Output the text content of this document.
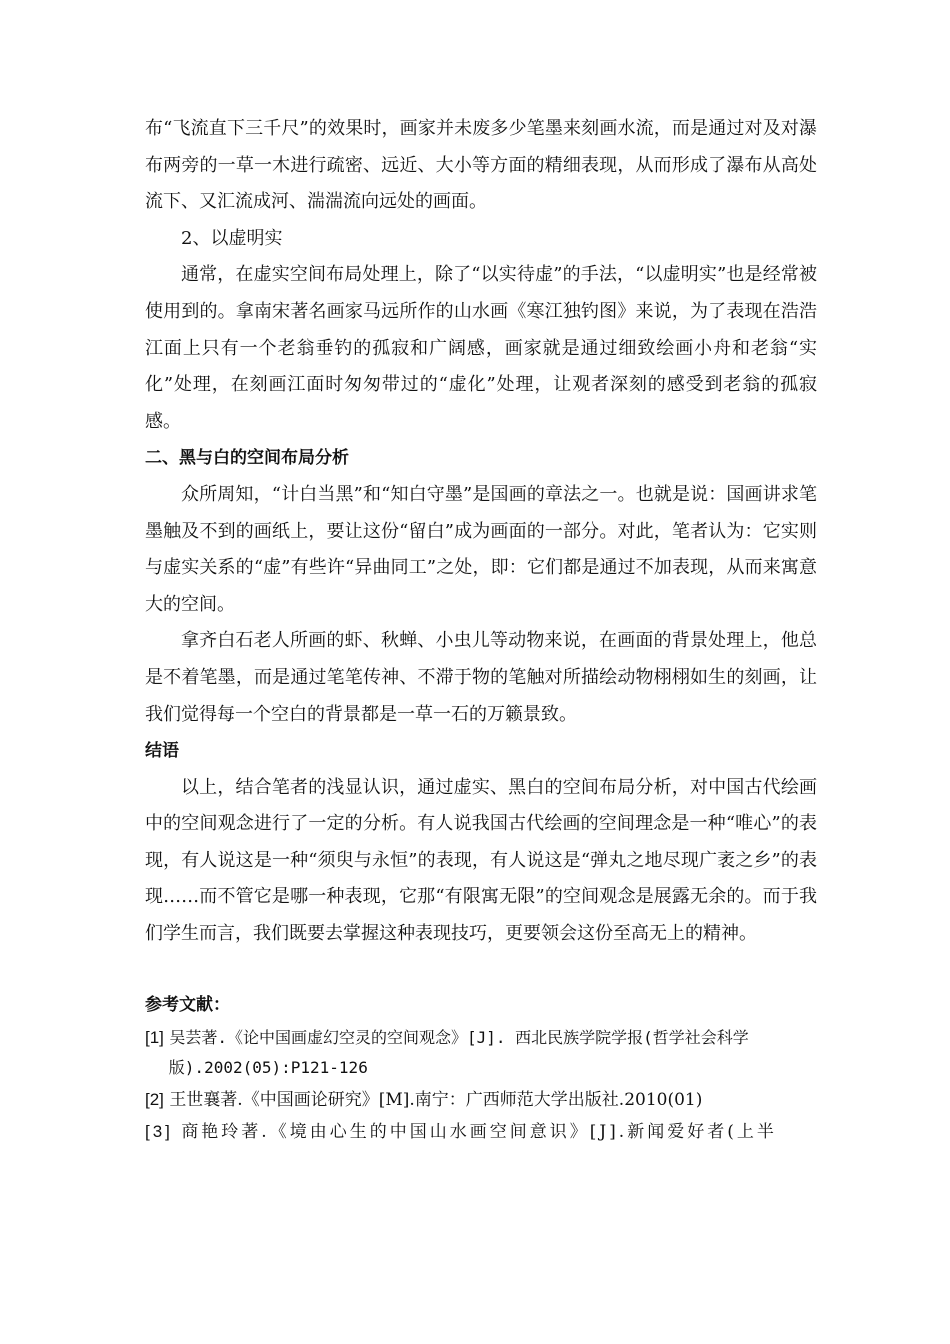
布“飞流直下三千尺”的效果时，画家并未废多少笔墨来刻画水流，而是通过对及对瀑布两旁的一草一木进行疏密、远近、大小等方面的精细表现，从而形成了瀑布从高处流下、又汇流成河、湍湍流向远处的画面。

2、以虚明实

通常，在虚实空间布局处理上，除了“以实待虚”的手法，“以虚明实”也是经常被使用到的。拿南宋著名画家马远所作的山水画《寒江独钓图》来说，为了表现在浩浩江面上只有一个老翁垂钓的孤寂和广阔感，画家就是通过细致绘画小舟和老翁“实化”处理，在刻画江面时匆匆带过的“虚化”处理，让观者深刻的感受到老翁的孤寂感。

二、黑与白的空间布局分析

众所周知，“计白当黑”和“知白守墨”是国画的章法之一。也就是说：国画讲求笔墨触及不到的画纸上，要让这份“留白”成为画面的一部分。对此，笔者认为：它实则与虚实关系的“虚”有些许“异曲同工”之处，即：它们都是通过不加表现，从而来寓意大的空间。

拿齐白石老人所画的虾、秋蝉、小虫儿等动物来说，在画面的背景处理上，他总是不着笔墨，而是通过笔笔传神、不滞于物的笔触对所描绘动物栩栩如生的刻画，让我们觉得每一个空白的背景都是一草一石的万籁景致。

结语

以上，结合笔者的浅显认识，通过虚实、黑白的空间布局分析，对中国古代绘画中的空间观念进行了一定的分析。有人说我国古代绘画的空间理念是一种“唯心”的表现，有人说这是一种“须臾与永恒”的表现，有人说这是“弹丸之地尽现广袤之乡”的表现……而不管它是哪一种表现，它那“有限寓无限”的空间观念是展露无余的。而于我们学生而言，我们既要去掌握这种表现技巧，更要领会这份至高无上的精神。

参考文献：

[1] 吴芸著.《论中国画虚幻空灵的空间观念》[J]. 西北民族学院学报(哲学社会科学版).2002(05):P121-126

[2] 王世襄著.《中国画论研究》[M].南宁：广西师范大学出版社.2010(01)

[3] 商艳玲著.《境由心生的中国山水画空间意识》[J].新闻爱好者(上半
